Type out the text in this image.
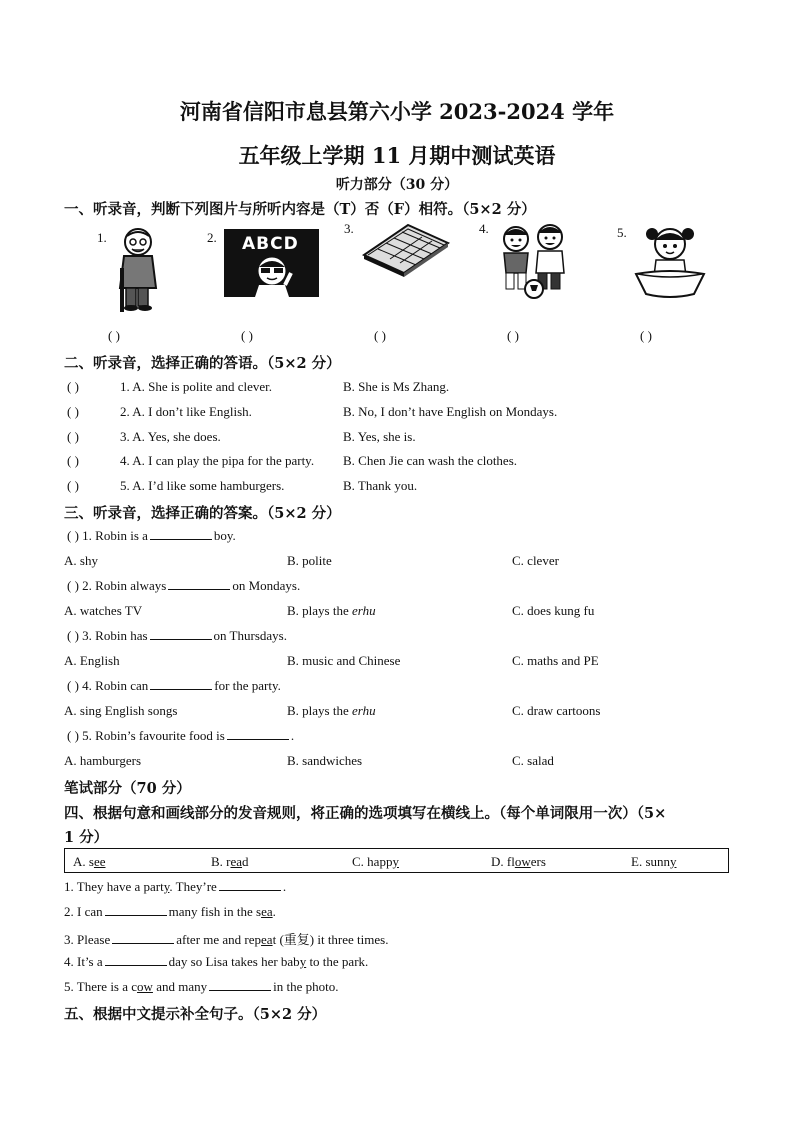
河南省信阳市息县第六小学 2023-2024 学年
五年级上学期 11 月期中测试英语
听力部分（30 分）
一、听录音，判断下列图片与所听内容是（T）否（F）相符。（5×2 分）
1.	2.
3.	4.	5.
ABCD
( )	( )	( )	( )	( )
二、听录音，选择正确的答语。（5×2 分）
( )	1. A. She is polite and clever.	B. She is Ms Zhang.
( )	2. A. I don’t like English.	B. No, I don’t have English on Mondays.
( )	3. A. Yes, she does.	B. Yes, she is.
( )	4. A. I can play the pipa for the party. B. Chen Jie can wash the clothes.
( )	5. A. I’d like some hamburgers.	B. Thank you.
三、听录音，选择正确的答案。（5×2 分）
( ) 1. Robin is a	boy.
A. shy	B. polite	C. clever
( ) 2. Robin always	on Mondays.
A. watches TV	B. plays the erhu	C. does kung fu
( ) 3. Robin has	on Thursdays.
A. English	B. music and Chinese	C. maths and PE
( ) 4. Robin can	for the party.
A. sing English songs	B. plays the erhu	C. draw cartoons
( ) 5. Robin’s favourite food is	.
A. hamburgers	B. sandwiches	C. salad
笔试部分（70 分）
四、根据句意和画线部分的发音规则，将正确的选项填写在横线上。（每个单词限用一次）（5×
1 分）
A. see	B. read	C. happy	D. flowers	E. sunny
1. They have a party. They’re	.
2. I can	many fish in the sea.
3. Please	after me and repeat (重复) it three times.
4. It’s a	day so Lisa takes her baby to the park.
5. There is a cow and many	in the photo.
五、根据中文提示补全句子。（5×2 分）
